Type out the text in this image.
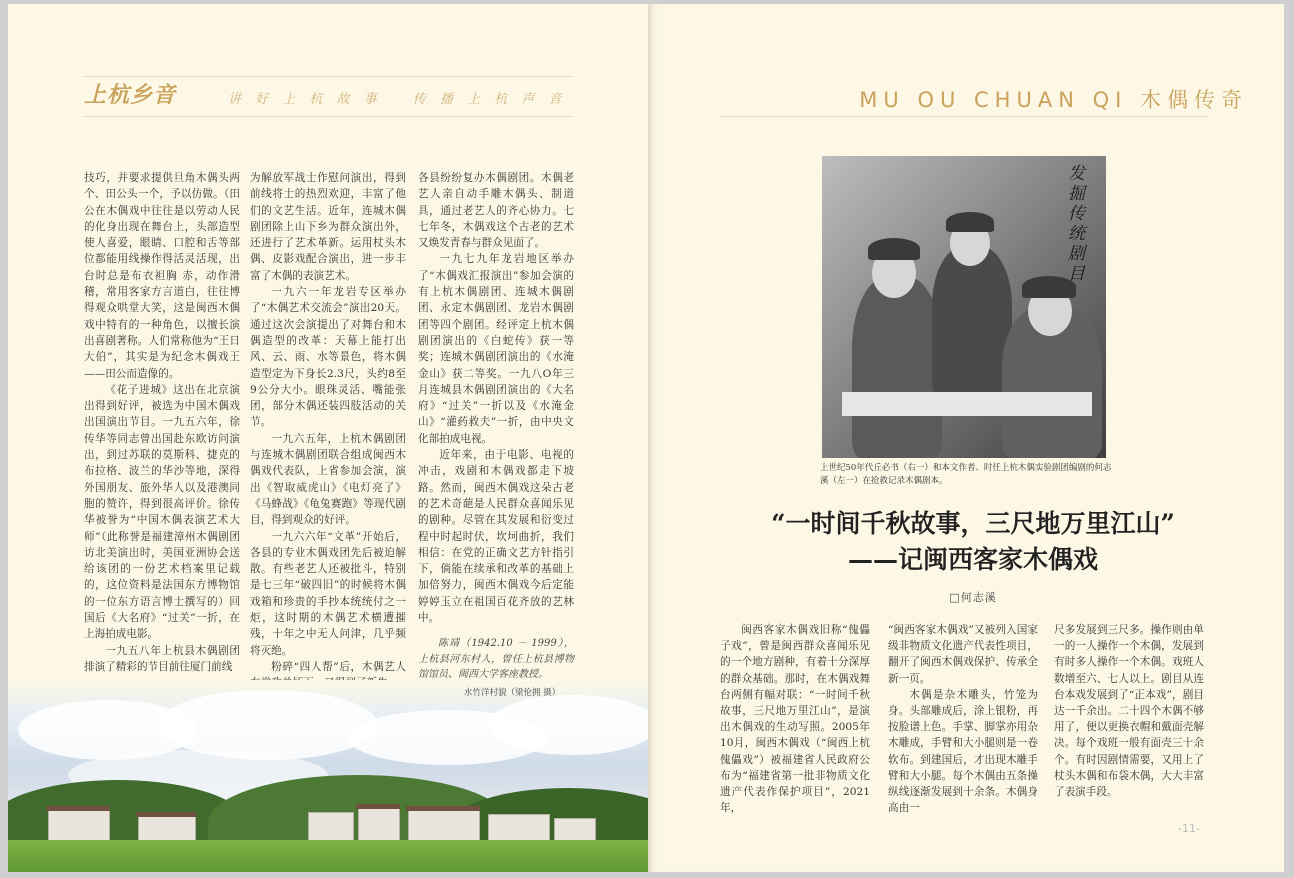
上杭乡音	讲 好 上 杭 故 事 传 播 上 杭 声 音

技巧，并要求提供旦角木偶头两个、田公头一个，予以仿做。（田公在木偶戏中往往是以劳动人民的化身出现在舞台上，头部造型使人喜爱，眼睛、口腔和舌等部位都能用线操作得活灵活现，出台时总是布衣袒胸 赤，动作滑稽，常用客家方言道白，往往博得观众哄堂大笑，这是闽西木偶戏中特有的一种角色，以擅长演出喜剧著称。人们常称他为“王日大伯”，其实是为纪念木偶戏王——田公而造像的。

《花子进城》这出在北京演出得到好评，被选为中国木偶戏出国演出节目。一九五六年，徐传华等同志曾出国赴东欧访问演出，到过苏联的莫斯科、捷克的布拉格、波兰的华沙等地，深得外国朋友、旅外华人以及港澳同胞的赞许，得到很高评价。徐传华被誉为“中国木偶表演艺术大师”（此称誉是福建漳州木偶剧团访北美演出时，美国亚洲协会送给该团的一份艺术档案里记载的，这位资料是法国东方博物馆的一位东方语言博士撰写的）回国后《大名府》“过关”一折，在上海拍成电影。

一九五八年上杭县木偶剧团排演了精彩的节目前往厦门前线

为解放军战士作慰问演出，得到前线将士的热烈欢迎，丰富了他们的文艺生活。近年，连城木偶剧团除上山下乡为群众演出外，还进行了艺术革新。运用杖头木偶、皮影戏配合演出，进一步丰富了木偶的表演艺术。

一九六一年龙岩专区举办了“木偶艺术交流会”演出20天。通过这次会演提出了对舞台和木偶造型的改革：天幕上能打出风、云、雨、水等景色，将木偶造型定为下身长2.3尺，头约8至9公分大小。眼珠灵活、嘴能张团，部分木偶还装四肢活动的关节。

一九六五年，上杭木偶剧团与连城木偶剧团联合组成闽西木偶戏代表队，上省参加会演，演出《智取威虎山》《电灯亮了》《马蜂战》《龟兔赛跑》等现代剧目，得到观众的好评。

一九六六年“文革”开始后，各县的专业木偶戏团先后被迫解散。有些老艺人还被批斗，特别是七三年“破四旧”的时候将木偶戏箱和珍贵的手抄本统统付之一炬，这时期的木偶艺术横遭摧残，十年之中无人问津，几乎频将灭绝。

粉碎“四人帮”后，木偶艺人

各县纷纷复办木偶剧团。木偶老艺人亲自动手雕木偶头、制道具，通过老艺人的齐心协力。七七年冬，木偶戏这个古老的艺术又焕发青春与群众见面了。

一九七九年龙岩地区举办了“木偶戏汇报演出”参加会演的有上杭木偶剧团、连城木偶剧团、永定木偶剧团、龙岩木偶剧团等四个剧团。经评定上杭木偶剧团演出的《白蛇传》获一等奖；连城木偶剧团演出的《水淹金山》获二等奖。一九八O年三月连城县木偶剧团演出的《大名府》“过关”一折以及《水淹金山》“灌药救夫”一折，由中央文化部拍成电视。

近年来，由于电影、电视的冲击，戏剧和木偶戏都走下坡路。然而，闽西木偶戏这朵古老的艺术奇葩是人民群众喜闻乐见的剧种。尽管在其发展和衍变过程中时起时伏，坎坷曲折，我们相信：在党的正确文艺方针指引下，倘能在续承和改革的基础上加倍努力，闽西木偶戏今后定能婷婷玉立在祖国百花齐放的艺林中。

陈靖（1942.10 － 1999），上杭县河东村人，曾任上杭县博物馆馆员、闽西大学客座教授。

水竹洋村貌（梁伦拥 摄）
MU OU CHUAN QI 木偶传奇
发掘传统剧目
上世纪50年代丘必书（右一）和本文作者、时任上杭木偶实验剧团编剧的何志溪（左一）在抢救记录木偶剧本。
“一时间千秋故事，三尺地万里江山”
——记闽西客家木偶戏
□何志溪

闽西客家木偶戏旧称“傀儡子戏”，曾是闽西群众喜闻乐见的一个地方剧种，有着十分深厚的群众基础。那时，在木偶戏舞台两侧有幅对联：“一时间千秋故事，三尺地万里江山”，是演出木偶戏的生动写照。2005年10月，闽西木偶戏（“闽西上杭傀儡戏”）被福建省人民政府公布为“福建省第一批非物质文化遗产代表作保护项目”，2021年，

“闽西客家木偶戏”又被列入国家级非物质文化遗产代表性项目，翻开了闽西木偶戏保护、传承全新一页。

木偶是杂木雕头，竹笼为身。头部雕成后，涂上银粉，再按脸谱上色。手掌、脚掌亦用杂木雕成，手臂和大小腿则是一卷软布。到建国后，才出现木雕手臂和大小腿。每个木偶由五条操纵线逐渐发展到十余条。木偶身高由一

尺多发展到三尺多。操作则由单一的一人操作一个木偶，发展到有时多人操作一个木偶。戏班人数增至六、七人以上。剧目从连台本戏发展到了“正本戏”，剧目达一千余出。二十四个木偶不够用了，便以更换衣帽和戴面壳解决。每个戏班一般有面壳三十余个。有时因剧情需要，又用上了杖头木偶和布袋木偶，大大丰富了表演手段。

-11-
